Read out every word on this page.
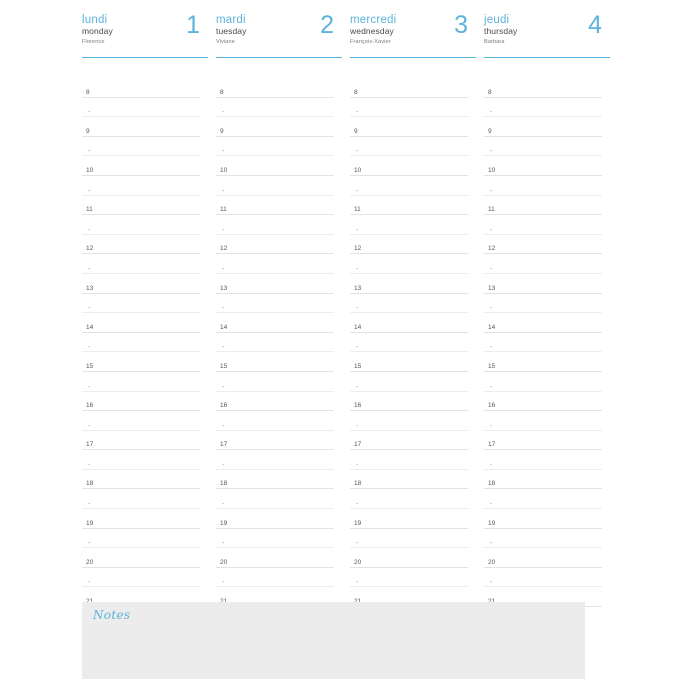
lundi
monday
Florence
1
8
-
9
-
10
-
11
-
12
-
13
-
14
-
15
-
16
-
17
-
18
-
19
-
20
-
mardi
tuesday
Viviane
2
8
-
9
-
10
-
11
-
12
-
13
-
14
-
15
-
16
-
17
-
18
-
19
-
20
-
mercredi
wednesday
François-Xavier
3
8
-
9
-
10
-
11
-
12
-
13
-
14
-
15
-
16
-
17
-
18
-
19
-
20
-
jeudi
thursday
Barbara
4
8
-
9
-
10
-
11
-
12
-
13
-
14
-
15
-
16
-
17
-
18
-
19
-
20
-
Notes
